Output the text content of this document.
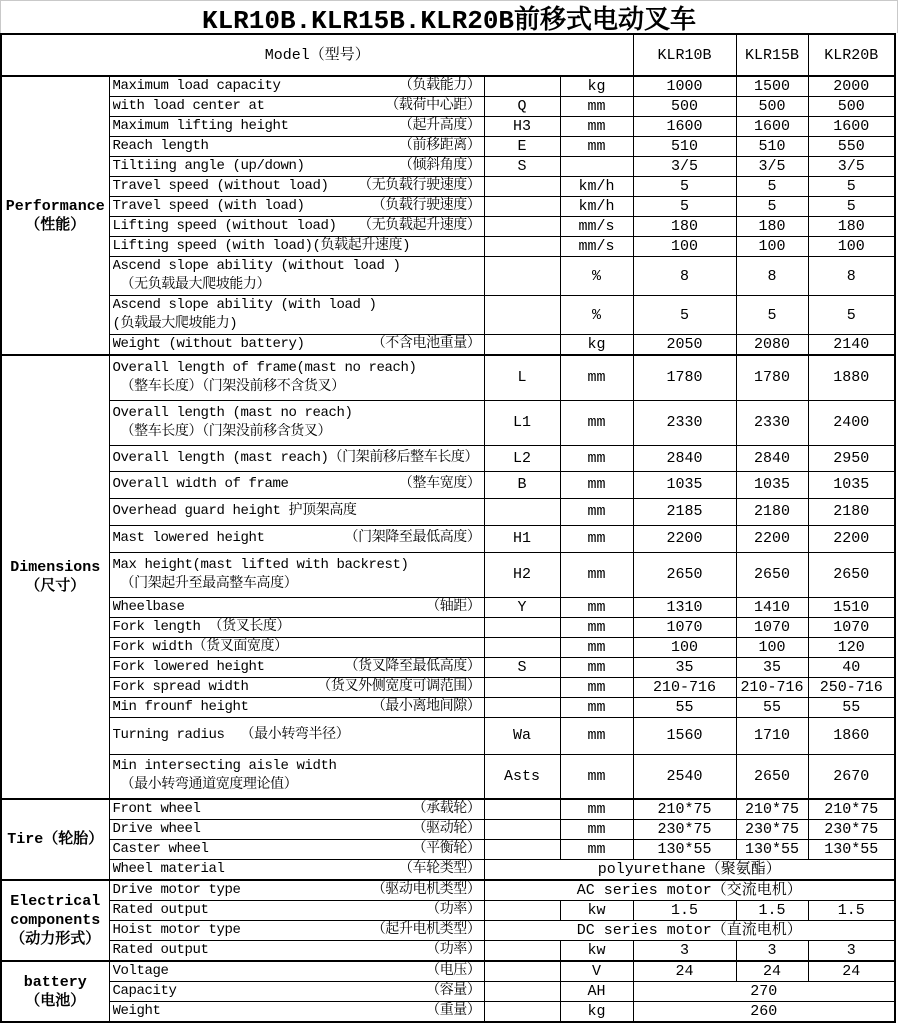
KLR10B.KLR15B.KLR20B前移式电动叉车
Model（型号）				KLR10B	KLR15B	KLR20B
Performance（性能）	Maximum load capacity （负载能力）		kg	1000	1500	2000

	with load center at （载荷中心距）	Q	mm	500	500	500

	Maximum lifting height （起升高度）	H3	mm	1600	1600	1600

	Reach length （前移距离）	E	mm	510	510	550

	Tiltiing angle (up/down) （倾斜角度）	S		3/5	3/5	3/5

	Travel speed (without load) （无负载行驶速度）		km/h	5	5	5

	Travel speed (with load) （负载行驶速度）		km/h	5	5	5

	Lifting speed (without load) （无负载起升速度）		mm/s	180	180	180

	Lifting speed (with load)(负载起升速度)		mm/s	100	100	100

	Ascend slope ability (without load )
（无负载最大爬坡能力）		%	8	8	8

	Ascend slope ability (with load )
(负载最大爬坡能力)		%	5	5	5

	Weight (without battery) （不含电池重量）		kg	2050	2080	2140
Dimensions（尺寸）	Overall length of frame(mast no reach)
（整车长度）（门架没前移不含货叉）	L	mm	1780	1780	1880

	Overall length (mast no reach)
（整车长度）（门架没前移含货叉）	L1	mm	2330	2330	2400

	Overall length (mast reach)（门架前移后整车长度）	L2	mm	2840	2840	2950

	Overall width of frame （整车宽度）	B	mm	1035	1035	1035

	Overhead guard height 护顶架高度		mm	2185	2180	2180

	Mast lowered height （门架降至最低高度）	H1	mm	2200	2200	2200

	Max height(mast lifted with backrest)
（门架起升至最高整车高度）	H2	mm	2650	2650	2650

	Wheelbase （轴距）	Y	mm	1310	1410	1510

	Fork length （货叉长度）		mm	1070	1070	1070

	Fork width（货叉面宽度）		mm	100	100	120

	Fork lowered height （货叉降至最低高度）	S	mm	35	35	40

	Fork spread width （货叉外侧宽度可调范围）		mm	210-716	210-716	250-716

	Min frounf height （最小离地间隙）		mm	55	55	55

	Turning radius  （最小转弯半径）	Wa	mm	1560	1710	1860

	Min intersecting aisle width
（最小转弯通道宽度理论值）	Asts	mm	2540	2650	2670
Tire（轮胎）	Front wheel （承载轮）		mm	210*75	210*75	210*75

	Drive wheel （驱动轮）		mm	230*75	230*75	230*75

	Caster wheel （平衡轮）		mm	130*55	130*55	130*55

	Wheel material （车轮类型）	polyurethane（聚氨酯）				
Electrical components（动力形式）	Drive motor type （驱动电机类型）	AC series motor（交流电机）				

	Rated output （功率）		kw	1.5	1.5	1.5

	Hoist motor type （起升电机类型）	DC series motor（直流电机）				

	Rated output （功率）		kw	3	3	3
battery（电池）	Voltage （电压）		V	24	24	24

	Capacity （容量）		AH	270		

	Weight （重量）		kg	260		
